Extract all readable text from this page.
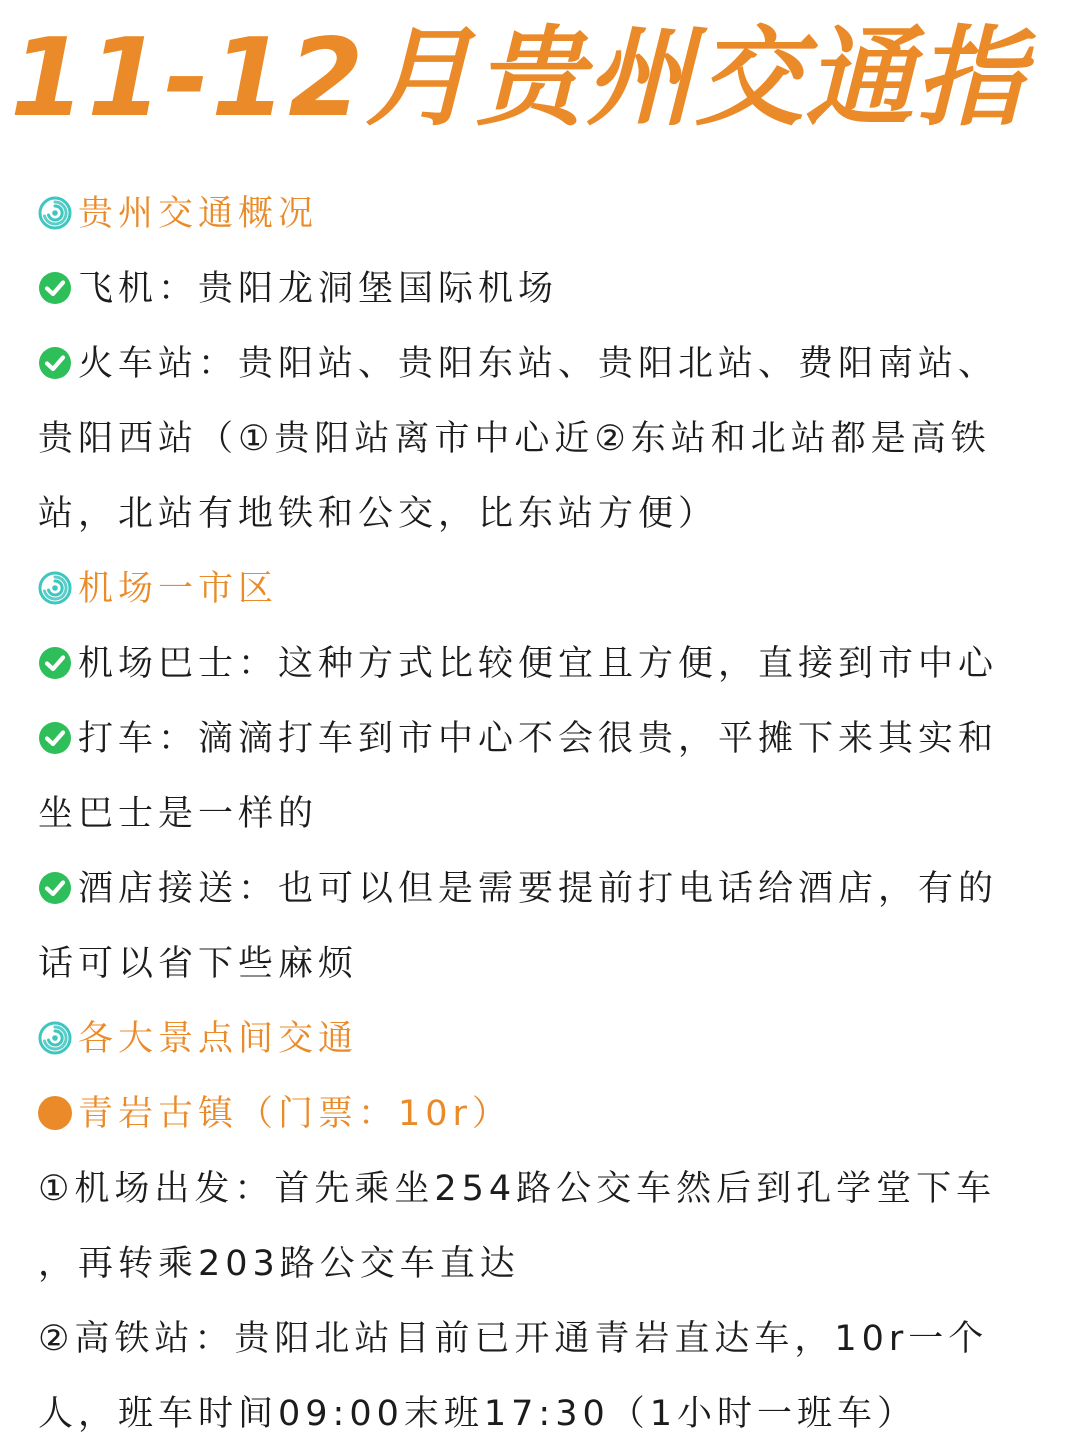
11-12月贵州交通指
贵州交通概况
飞机：贵阳龙洞堡国际机场
火车站：贵阳站、贵阳东站、贵阳北站、费阳南站、
贵阳西站（①贵阳站离市中心近②东站和北站都是高铁
站，北站有地铁和公交，比东站方便）
机场一市区
机场巴士：这种方式比较便宜且方便，直接到市中心
打车：滴滴打车到市中心不会很贵，平摊下来其实和
坐巴士是一样的
酒店接送：也可以但是需要提前打电话给酒店，有的
话可以省下些麻烦
各大景点间交通
青岩古镇（门票：10r）
①机场出发：首先乘坐254路公交车然后到孔学堂下车
，再转乘203路公交车直达
②高铁站：贵阳北站目前已开通青岩直达车，10r一个
人，班车时间09:00末班17:30（1小时一班车）
